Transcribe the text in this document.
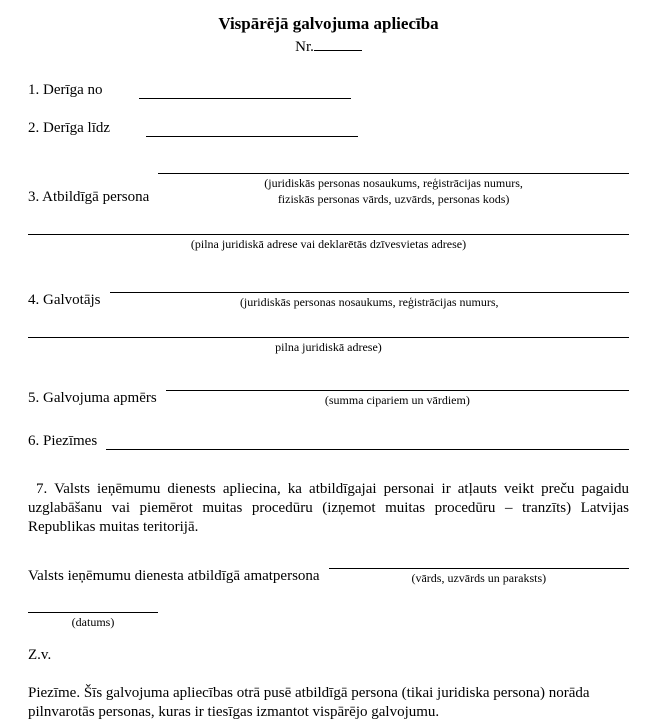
Vispārējā galvojuma apliecība
Nr.
1. Derīga no
2. Derīga līdz
3. Atbildīgā persona
(juridiskās personas nosaukums, reģistrācijas numurs,
fiziskās personas vārds, uzvārds, personas kods)
(pilna juridiskā adrese vai deklarētās dzīvesvietas adrese)
4. Galvotājs	(juridiskās personas nosaukums, reģistrācijas numurs,
pilna juridiskā adrese)
5. Galvojuma apmērs	(summa cipariem un vārdiem)
6. Piezīmes

7. Valsts ieņēmumu dienests apliecina, ka atbildīgajai personai ir atļauts veikt preču pagaidu uzglabāšanu vai piemērot muitas procedūru (izņemot muitas procedūru – tranzīts) Latvijas Republikas muitas teritorijā.

Valsts ieņēmumu dienesta atbildīgā amatpersona	(vārds, uzvārds un paraksts)
(datums)
Z.v.

Piezīme. Šīs galvojuma apliecības otrā pusē atbildīgā persona (tikai juridiska persona) norāda pilnvarotās personas, kuras ir tiesīgas izmantot vispārējo galvojumu.
